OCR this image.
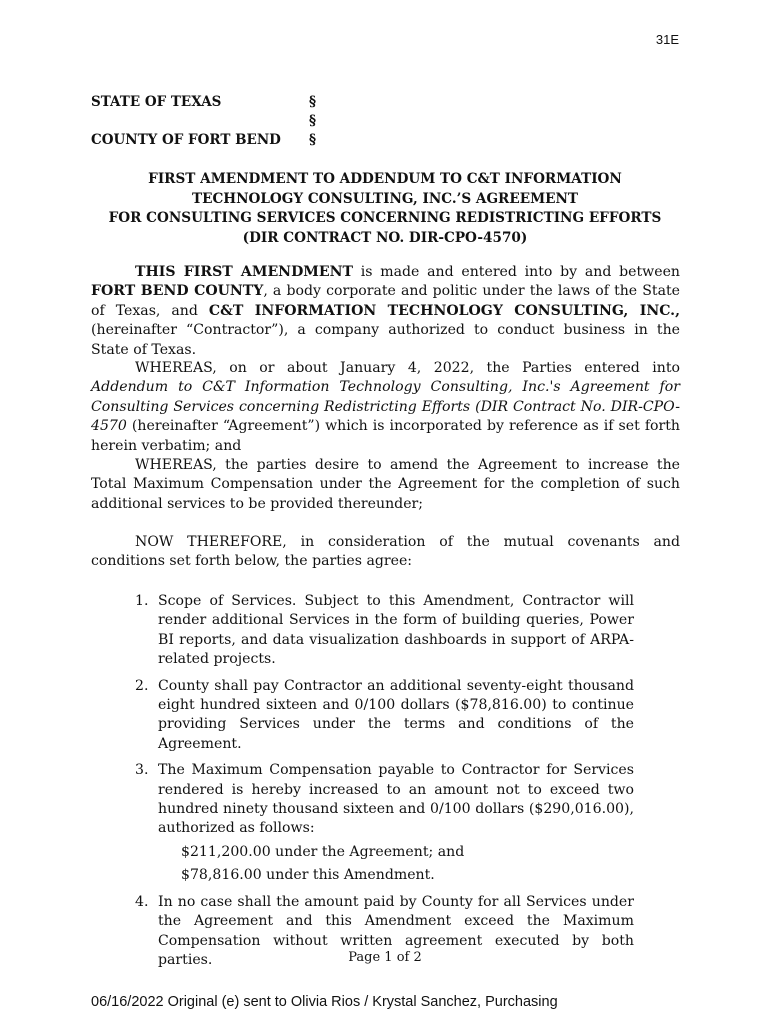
31E
STATE OF TEXAS	§
§
COUNTY OF FORT BEND §
FIRST AMENDMENT TO ADDENDUM TO C&T INFORMATION
TECHNOLOGY CONSULTING, INC.’S AGREEMENT
FOR CONSULTING SERVICES CONCERNING REDISTRICTING EFFORTS
(DIR CONTRACT NO. DIR-CPO-4570)
THIS FIRST AMENDMENT is made and entered into by and between FORT BEND COUNTY, a body corporate and politic under the laws of the State of Texas, and C&T INFORMATION TECHNOLOGY CONSULTING, INC., (hereinafter “Contractor”), a company authorized to conduct business in the State of Texas.
WHEREAS, on or about January 4, 2022, the Parties entered into Addendum to C&T Information Technology Consulting, Inc.'s Agreement for Consulting Services concerning Redistricting Efforts (DIR Contract No. DIR-CPO-4570 (hereinafter “Agreement”) which is incorporated by reference as if set forth herein verbatim; and
WHEREAS, the parties desire to amend the Agreement to increase the Total Maximum Compensation under the Agreement for the completion of such additional services to be provided thereunder;
NOW THEREFORE, in consideration of the mutual covenants and conditions set forth below, the parties agree:
1. Scope of Services. Subject to this Amendment, Contractor will render additional Services in the form of building queries, Power BI reports, and data visualization dashboards in support of ARPA-related projects.
2. County shall pay Contractor an additional seventy-eight thousand eight hundred sixteen and 0/100 dollars ($78,816.00) to continue providing Services under the terms and conditions of the Agreement.
3. The Maximum Compensation payable to Contractor for Services rendered is hereby increased to an amount not to exceed two hundred ninety thousand sixteen and 0/100 dollars ($290,016.00), authorized as follows:
$211,200.00 under the Agreement; and
$78,816.00 under this Amendment.
4. In no case shall the amount paid by County for all Services under the Agreement and this Amendment exceed the Maximum Compensation without written agreement executed by both parties.	Page 1 of 2
06/16/2022 Original (e) sent to Olivia Rios / Krystal Sanchez, Purchasing
